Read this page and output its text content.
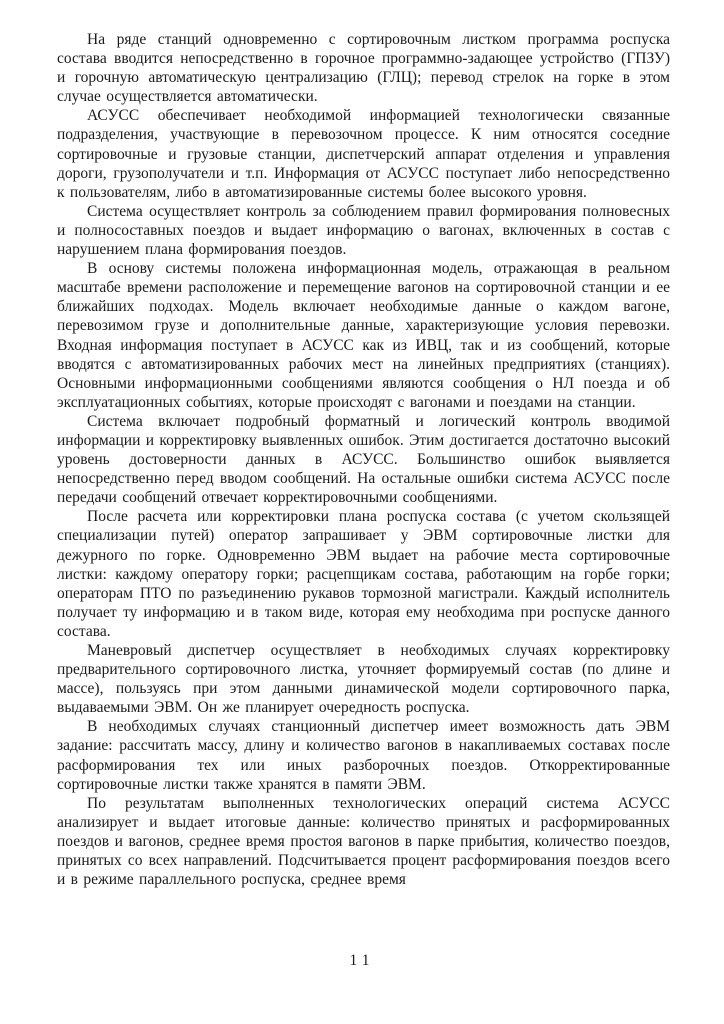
На ряде станций одновременно с сортировочным листком программа роспуска состава вводится непосредственно в горочное программно-задающее устройство (ГПЗУ) и горочную автоматическую централизацию (ГЛЦ); перевод стрелок на горке в этом случае осуществляется автоматически.

АСУСС обеспечивает необходимой информацией технологически связанные подразделения, участвующие в перевозочном процессе. К ним относятся соседние сортировочные и грузовые станции, диспетчерский аппарат отделения и управления дороги, грузополучатели и т.п. Информация от АСУСС поступает либо непосредственно к пользователям, либо в автоматизированные системы более высокого уровня.

Система осуществляет контроль за соблюдением правил формирования полновесных и полносоставных поездов и выдает информацию о вагонах, включенных в состав с нарушением плана формирования поездов.

В основу системы положена информационная модель, отражающая в реальном масштабе времени расположение и перемещение вагонов на сортировочной станции и ее ближайших подходах. Модель включает необходимые данные о каждом вагоне, перевозимом грузе и дополнительные данные, характеризующие условия перевозки. Входная информация поступает в АСУСС как из ИВЦ, так и из сообщений, которые вводятся с автоматизированных рабочих мест на линейных предприятиях (станциях). Основными информационными сообщениями являются сообщения о НЛ поезда и об эксплуатационных событиях, которые происходят с вагонами и поездами на станции.

Система включает подробный форматный и логический контроль вводимой информации и корректировку выявленных ошибок. Этим достигается достаточно высокий уровень достоверности данных в АСУСС. Большинство ошибок выявляется непосредственно перед вводом сообщений. На остальные ошибки система АСУСС после передачи сообщений отвечает корректировочными сообщениями.

После расчета или корректировки плана роспуска состава (с учетом скользящей специализации путей) оператор запрашивает у ЭВМ сортировочные листки для дежурного по горке. Одновременно ЭВМ выдает на рабочие места сортировочные листки: каждому оператору горки; расцепщикам состава, работающим на горбе горки; операторам ПТО по разъединению рукавов тормозной магистрали. Каждый исполнитель получает ту информацию и в таком виде, которая ему необходима при роспуске данного состава.

Маневровый диспетчер осуществляет в необходимых случаях корректировку предварительного сортировочного листка, уточняет формируемый состав (по длине и массе), пользуясь при этом данными динамической модели сортировочного парка, выдаваемыми ЭВМ. Он же планирует очередность роспуска.

В необходимых случаях станционный диспетчер имеет возможность дать ЭВМ задание: рассчитать массу, длину и количество вагонов в накапливаемых составах после расформирования тех или иных разборочных поездов. Откорректированные сортировочные листки также хранятся в памяти ЭВМ.

По результатам выполненных технологических операций система АСУСС анализирует и выдает итоговые данные: количество принятых и расформированных поездов и вагонов, среднее время простоя вагонов в парке прибытия, количество поездов, принятых со всех направлений. Подсчитывается процент расформирования поездов всего и в режиме параллельного роспуска, среднее время

11
